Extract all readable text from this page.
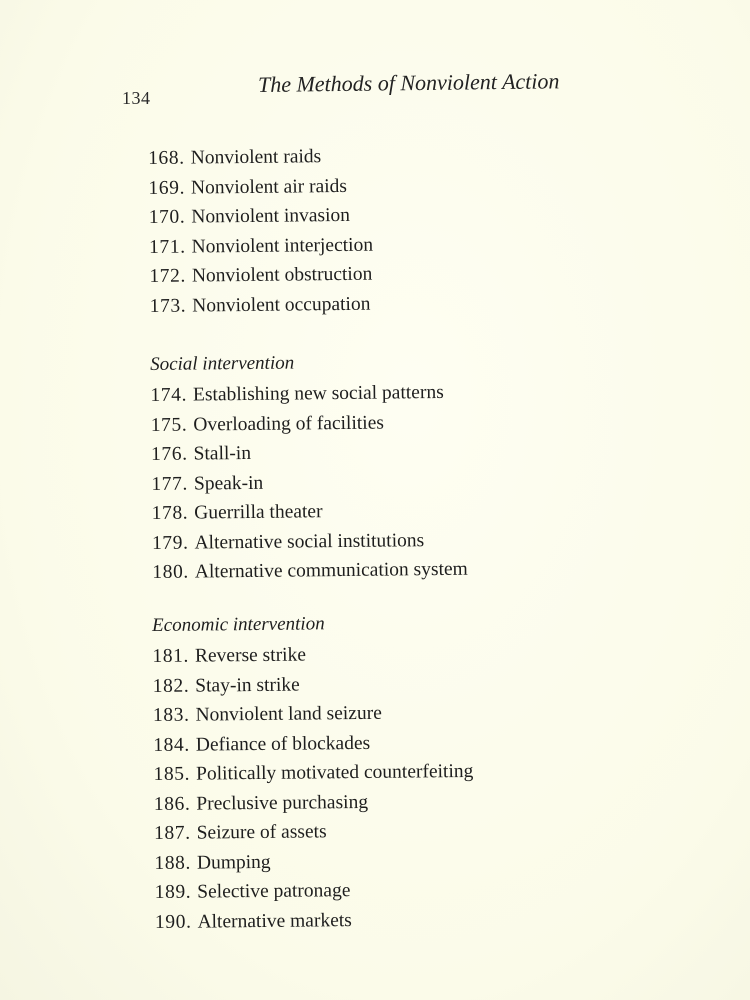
134
The Methods of Nonviolent Action
168. Nonviolent raids
169. Nonviolent air raids
170. Nonviolent invasion
171. Nonviolent interjection
172. Nonviolent obstruction
173. Nonviolent occupation
Social intervention
174. Establishing new social patterns
175. Overloading of facilities
176. Stall-in
177. Speak-in
178. Guerrilla theater
179. Alternative social institutions
180. Alternative communication system
Economic intervention
181. Reverse strike
182. Stay-in strike
183. Nonviolent land seizure
184. Defiance of blockades
185. Politically motivated counterfeiting
186. Preclusive purchasing
187. Seizure of assets
188. Dumping
189. Selective patronage
190. Alternative markets
